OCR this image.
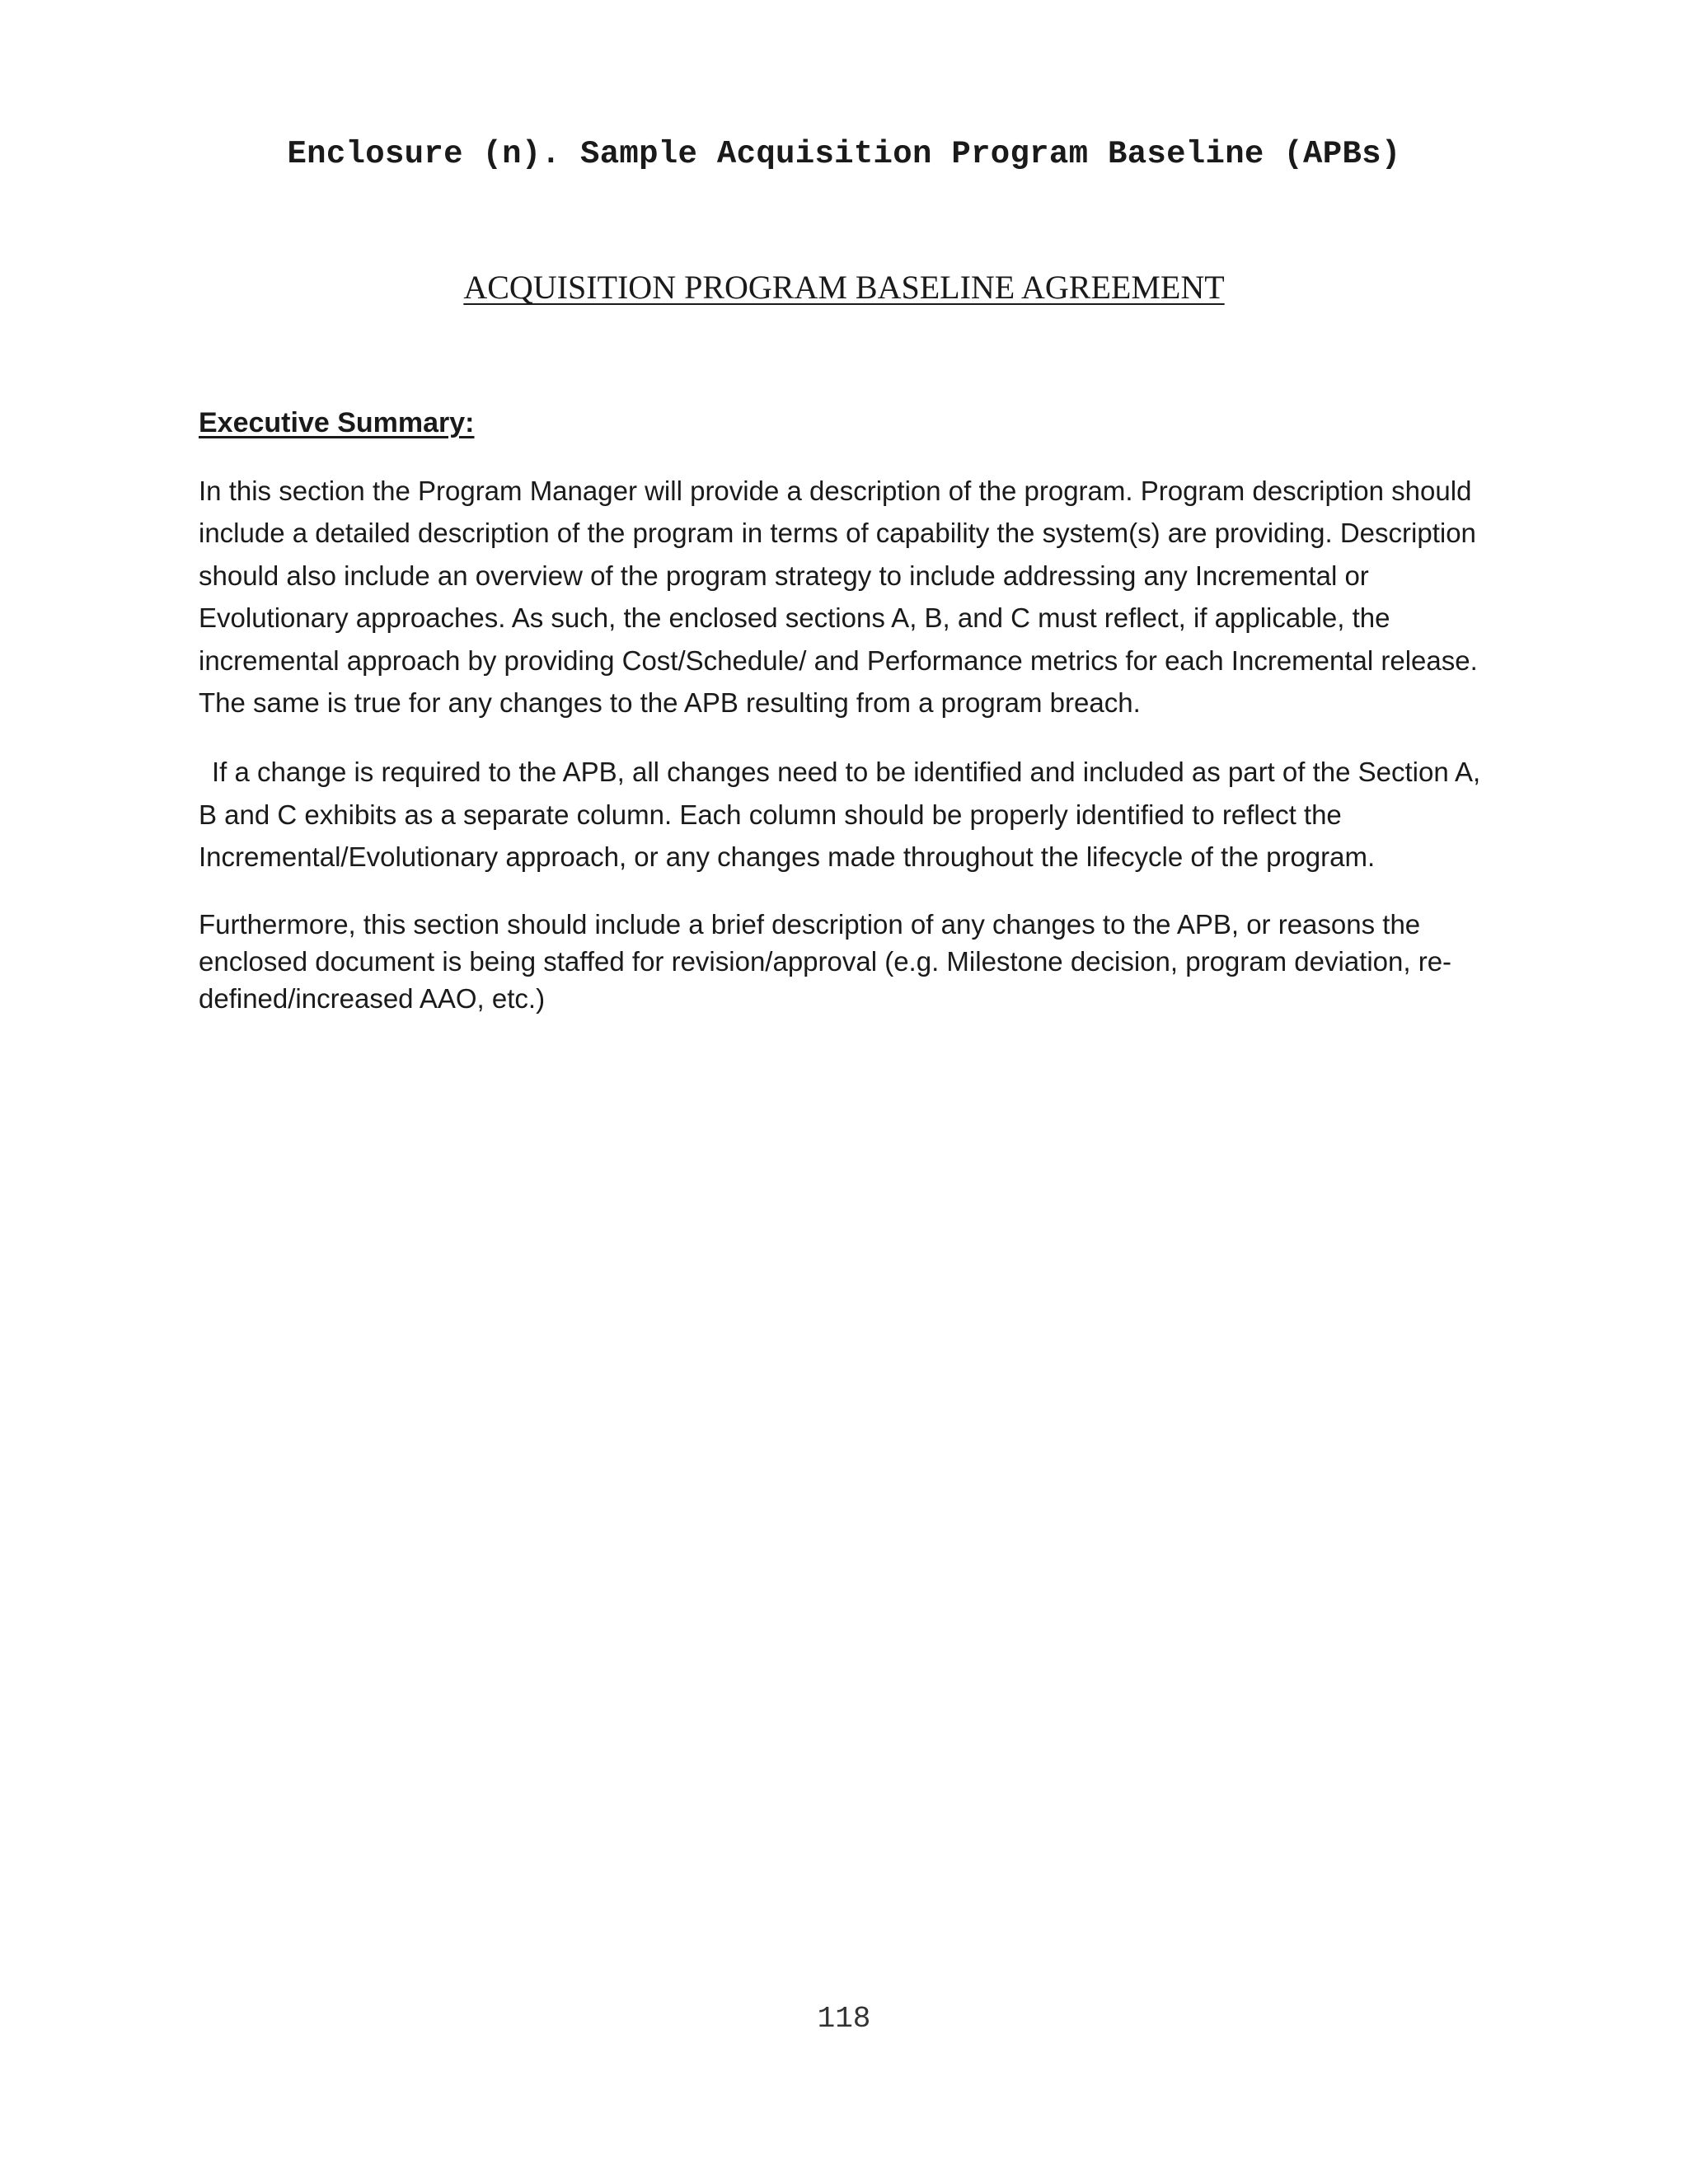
Enclosure (n). Sample Acquisition Program Baseline (APBs)
ACQUISITION PROGRAM BASELINE AGREEMENT
Executive Summary:

In this section the Program Manager will provide a description of the program. Program description should include a detailed description of the program in terms of capability the system(s) are providing. Description should also include an overview of the program strategy to include addressing any Incremental or Evolutionary approaches. As such, the enclosed sections A, B, and C must reflect, if applicable, the incremental approach by providing Cost/Schedule/ and Performance metrics for each Incremental release. The same is true for any changes to the APB resulting from a program breach.

If a change is required to the APB, all changes need to be identified and included as part of the Section A, B and C exhibits as a separate column. Each column should be properly identified to reflect the Incremental/Evolutionary approach, or any changes made throughout the lifecycle of the program.

Furthermore, this section should include a brief description of any changes to the APB, or reasons the enclosed document is being staffed for revision/approval (e.g. Milestone decision, program deviation, re-defined/increased AAO, etc.)

118
